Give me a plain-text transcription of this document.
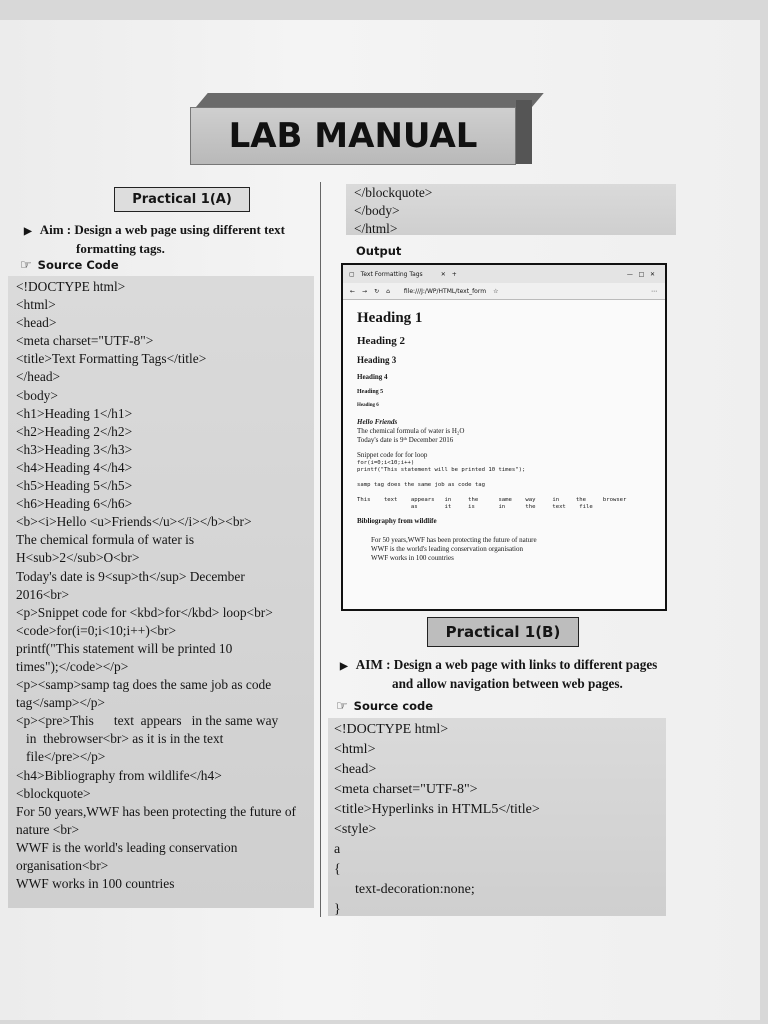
LAB MANUAL
Practical 1(A)
▶ Aim : Design a web page using different text
formatting tags.
☞ Source Code
<!DOCTYPE html>
<html>
<head>
<meta charset="UTF-8">
<title>Text Formatting Tags</title>
</head>
<body>
<h1>Heading 1</h1>
<h2>Heading 2</h2>
<h3>Heading 3</h3>
<h4>Heading 4</h4>
<h5>Heading 5</h5>
<h6>Heading 6</h6>
<b><i>Hello <u>Friends</u></i></b><br>
The chemical formula of water is
H<sub>2</sub>O<br>
Today's date is 9<sup>th</sup> December
2016<br>
<p>Snippet code for <kbd>for</kbd> loop<br>
<code>for(i=0;i<10;i++)<br>
printf("This statement will be printed 10
times");</code></p>
<p><samp>samp tag does the same job as code
tag</samp></p>
<p><pre>This      text  appears   in the same way
in  thebrowser<br> as it is in the text
file</pre></p>
<h4>Bibliography from wildlife</h4>
<blockquote>
For 50 years,WWF has been protecting the future of
nature <br>
WWF is the world's leading conservation
organisation<br>
WWF works in 100 countries
</blockquote>
</body>
</html>
Output
▢ Text Formatting Tags	✕ +	—   □   ✕
← → ↻ ⌂ file:///J:/WP/HTML/text_form ☆	⋯
Heading 1
Heading 2
Heading 3
Heading 4
Heading 5
Heading 6
Hello Friends
The chemical formula of water is H₂O
Today's date is 9ᵗʰ December 2016
Snippet code for for loop
for(i=0;i<10;i++)
printf("This statement will be printed 10 times");
samp tag does the same job as code tag
This    text    appears   in     the      same    way     in     the     browser
as        it     is       in      the     text    file
Bibliography from wildlife
For 50 years,WWF has been protecting the future of nature
WWF is the world's leading conservation organisation
WWF works in 100 countries
Practical 1(B)
▶ AIM : Design a web page with links to different pages
and allow navigation between web pages.
☞ Source code
<!DOCTYPE html>
<html>
<head>
<meta charset="UTF-8">
<title>Hyperlinks in HTML5</title>
<style>
a
{
text-decoration:none;
}
